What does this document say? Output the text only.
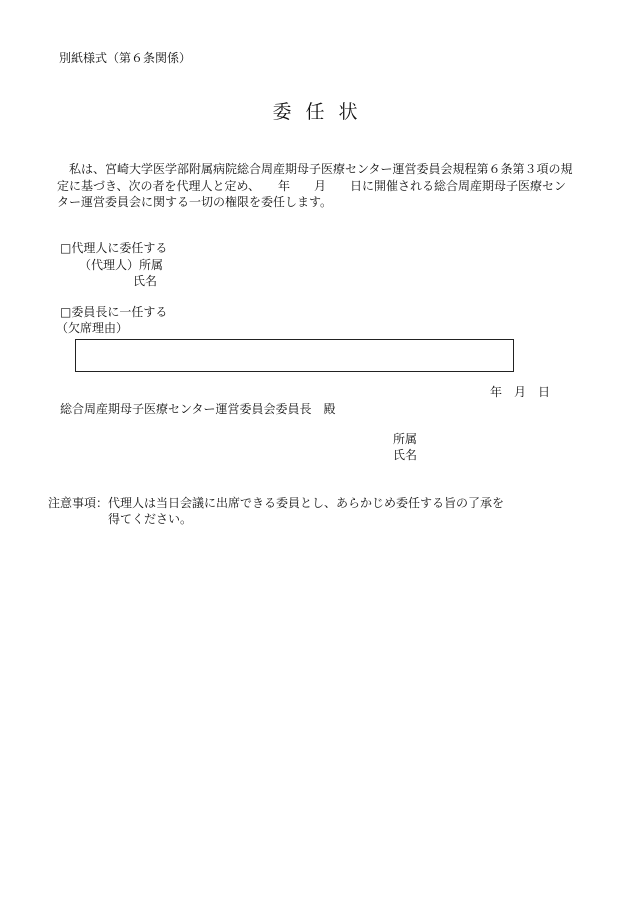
別紙様式（第６条関係）
委任状
私は、宮崎大学医学部附属病院総合周産期母子医療センター運営委員会規程第６条第３項の規
定に基づき、次の者を代理人と定め、　　年　　月　　日に開催される総合周産期母子医療セン
ター運営委員会に関する一切の権限を委任します。
□代理人に委任する
（代理人）所属
氏名
□委員長に一任する
（欠席理由）
年　月　日
総合周産期母子医療センター運営委員会委員長　殿
所属
氏名
注意事項： 代理人は当日会議に出席できる委員とし、あらかじめ委任する旨の了承を
得てください。
